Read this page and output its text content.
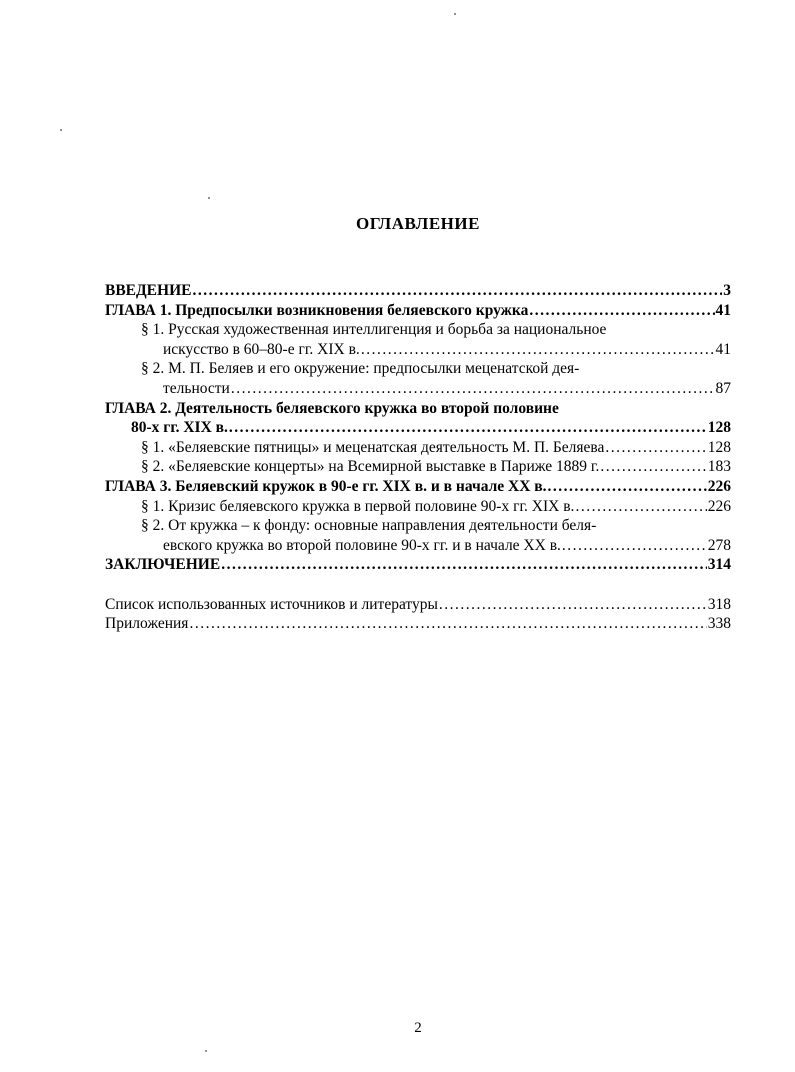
ОГЛАВЛЕНИЕ
ВВЕДЕНИЕ .....	3
ГЛАВА 1. Предпосылки возникновения беляевского кружка .....	41
§ 1. Русская художественная интеллигенция и борьба за национальное
искусство в 60–80-е гг. XIX в. .....	41
§ 2. М. П. Беляев и его окружение: предпосылки меценатской дея-
тельности .....	87
ГЛАВА 2. Деятельность беляевского кружка во второй половине
80-х гг. XIX в. .....	128
§ 1. «Беляевские пятницы» и меценатская деятельность М. П. Беляева .....	128
§ 2. «Беляевские концерты» на Всемирной выставке в Париже 1889 г. .....	183
ГЛАВА 3. Беляевский кружок в 90-е гг. XIX в. и в начале XX в. .....	226
§ 1. Кризис беляевского кружка в первой половине 90-х гг. XIX в. .....	226
§ 2. От кружка – к фонду: основные направления деятельности беля-
евского кружка во второй половине 90-х гг. и в начале XX в. .....	278
ЗАКЛЮЧЕНИЕ .....	314
Список использованных источников и литературы .....	318
Приложения .....	338
2
